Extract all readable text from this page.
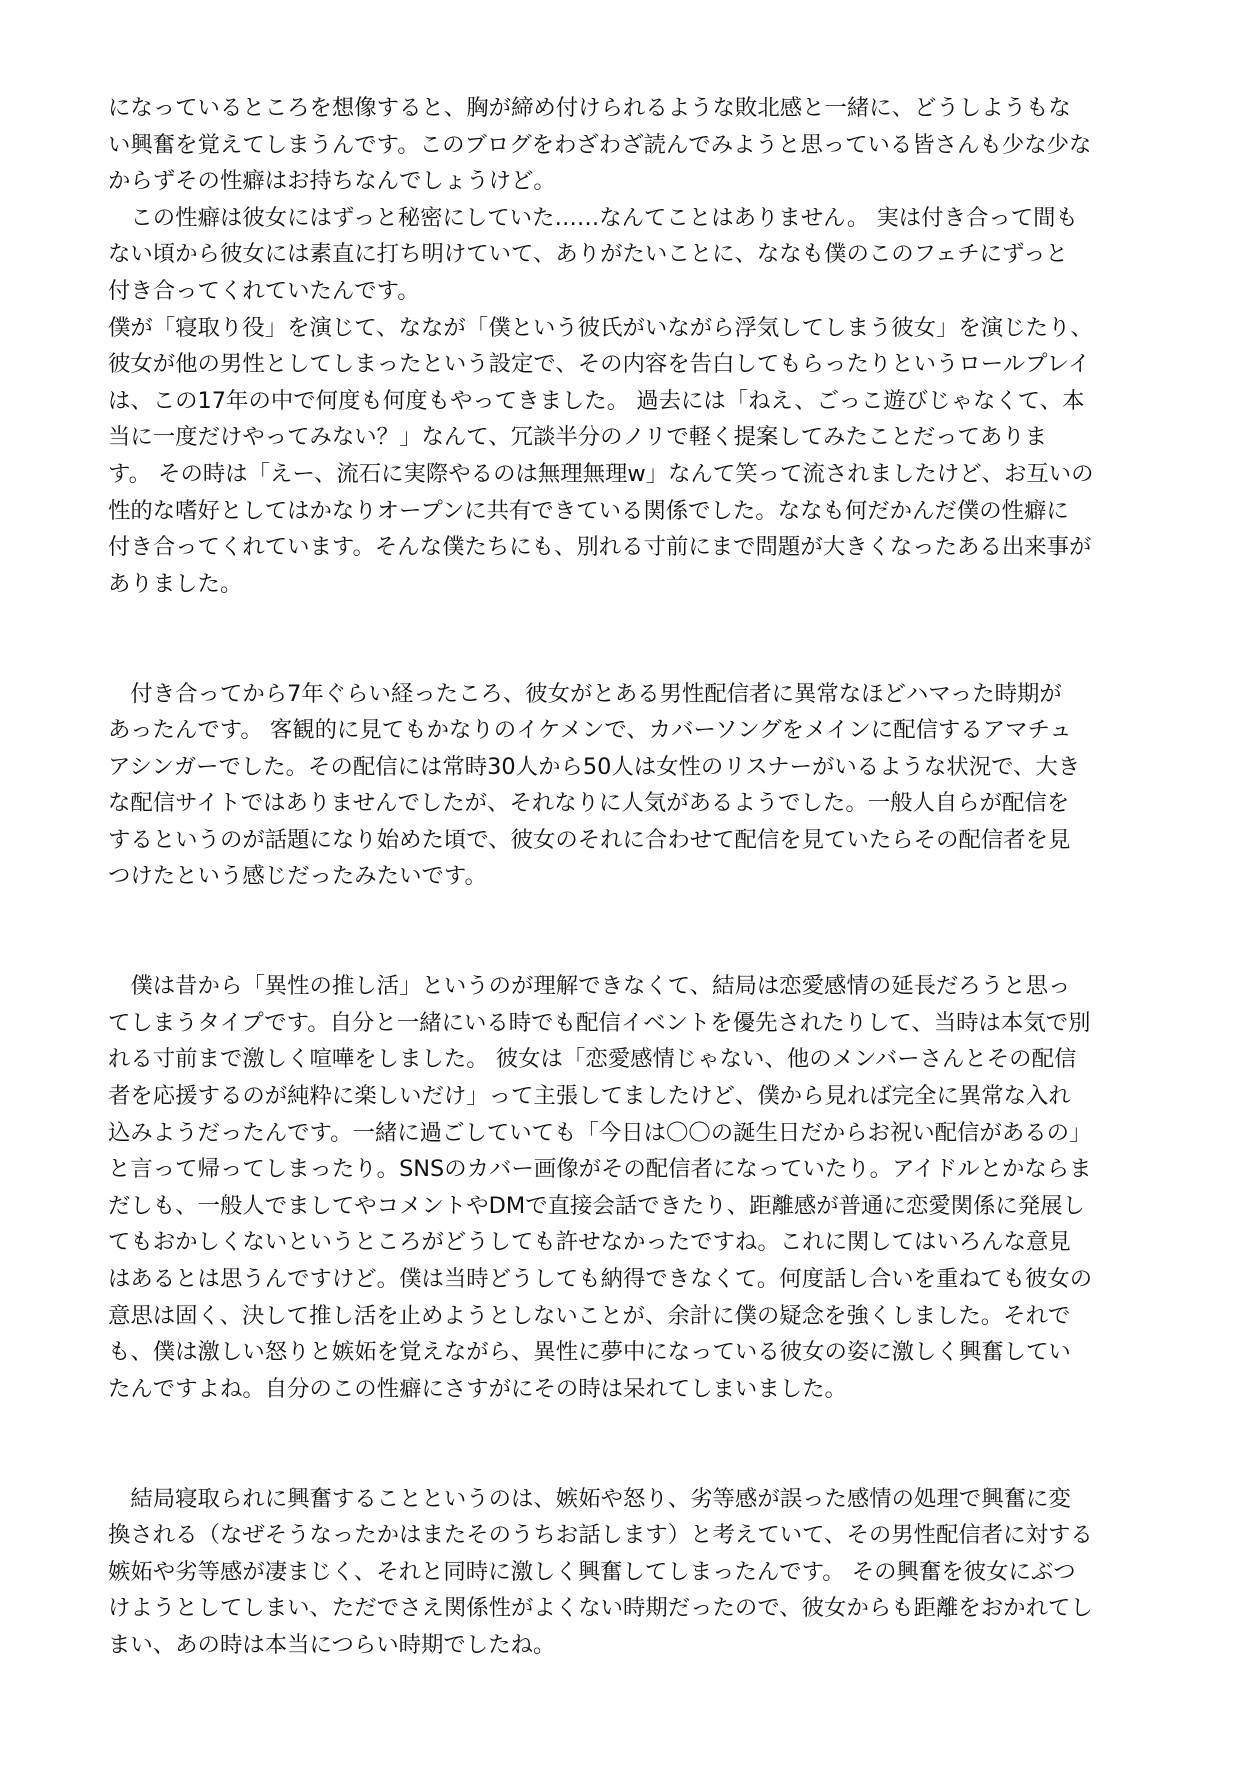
になっているところを想像すると、胸が締め付けられるような敗北感と一緒に、どうしようもな
い興奮を覚えてしまうんです。このブログをわざわざ読んでみようと思っている皆さんも少な少な
からずその性癖はお持ちなんでしょうけど。
　この性癖は彼女にはずっと秘密にしていた……なんてことはありません。 実は付き合って間も
ない頃から彼女には素直に打ち明けていて、ありがたいことに、ななも僕のこのフェチにずっと
付き合ってくれていたんです。
僕が「寝取り役」を演じて、ななが「僕という彼氏がいながら浮気してしまう彼女」を演じたり、
彼女が他の男性としてしまったという設定で、その内容を告白してもらったりというロールプレイ
は、この17年の中で何度も何度もやってきました。 過去には「ねえ、ごっこ遊びじゃなくて、本
当に一度だけやってみない？」なんて、冗談半分のノリで軽く提案してみたことだってありま
す。 その時は「えー、流石に実際やるのは無理無理w」なんて笑って流されましたけど、お互いの
性的な嗜好としてはかなりオープンに共有できている関係でした。ななも何だかんだ僕の性癖に
付き合ってくれています。そんな僕たちにも、別れる寸前にまで問題が大きくなったある出来事が
ありました。
　付き合ってから7年ぐらい経ったころ、彼女がとある男性配信者に異常なほどハマった時期が
あったんです。 客観的に見てもかなりのイケメンで、カバーソングをメインに配信するアマチュ
アシンガーでした。その配信には常時30人から50人は女性のリスナーがいるような状況で、大き
な配信サイトではありませんでしたが、それなりに人気があるようでした。一般人自らが配信を
するというのが話題になり始めた頃で、彼女のそれに合わせて配信を見ていたらその配信者を見
つけたという感じだったみたいです。
　僕は昔から「異性の推し活」というのが理解できなくて、結局は恋愛感情の延長だろうと思っ
てしまうタイプです。自分と一緒にいる時でも配信イベントを優先されたりして、当時は本気で別
れる寸前まで激しく喧嘩をしました。 彼女は「恋愛感情じゃない、他のメンバーさんとその配信
者を応援するのが純粋に楽しいだけ」って主張してましたけど、僕から見れば完全に異常な入れ
込みようだったんです。一緒に過ごしていても「今日は〇〇の誕生日だからお祝い配信があるの」
と言って帰ってしまったり。SNSのカバー画像がその配信者になっていたり。アイドルとかならま
だしも、一般人でましてやコメントやDMで直接会話できたり、距離感が普通に恋愛関係に発展し
てもおかしくないというところがどうしても許せなかったですね。これに関してはいろんな意見
はあるとは思うんですけど。僕は当時どうしても納得できなくて。何度話し合いを重ねても彼女の
意思は固く、決して推し活を止めようとしないことが、余計に僕の疑念を強くしました。それで
も、僕は激しい怒りと嫉妬を覚えながら、異性に夢中になっている彼女の姿に激しく興奮してい
たんですよね。自分のこの性癖にさすがにその時は呆れてしまいました。
　結局寝取られに興奮することというのは、嫉妬や怒り、劣等感が誤った感情の処理で興奮に変
換される（なぜそうなったかはまたそのうちお話します）と考えていて、その男性配信者に対する
嫉妬や劣等感が凄まじく、それと同時に激しく興奮してしまったんです。 その興奮を彼女にぶつ
けようとしてしまい、ただでさえ関係性がよくない時期だったので、彼女からも距離をおかれてし
まい、あの時は本当につらい時期でしたね。
